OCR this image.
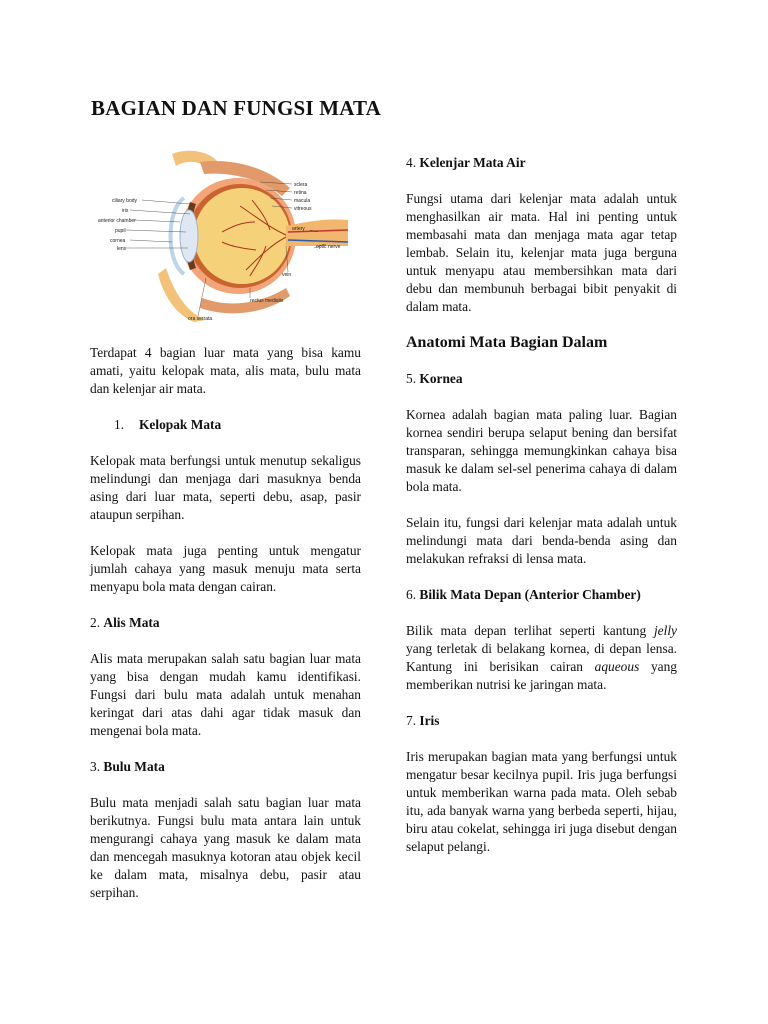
BAGIAN DAN FUNGSI MATA
ciliary body
iris
anterior chamber
pupil
cornea
lens
sclera
retina
macula
vitreous
artery
optic nerve
vein
rectus medialis
ora serrata

Terdapat 4 bagian luar mata yang bisa kamu amati, yaitu kelopak mata, alis mata, bulu mata dan kelenjar air mata.

1. Kelopak Mata

Kelopak mata berfungsi untuk menutup sekaligus melindungi dan menjaga dari masuknya benda asing dari luar mata, seperti debu, asap, pasir ataupun serpihan.

Kelopak mata juga penting untuk mengatur jumlah cahaya yang masuk menuju mata serta menyapu bola mata dengan cairan.

2. Alis Mata

Alis mata merupakan salah satu bagian luar mata yang bisa dengan mudah kamu identifikasi. Fungsi dari bulu mata adalah untuk menahan keringat dari atas dahi agar tidak masuk dan mengenai bola mata.

3. Bulu Mata

Bulu mata menjadi salah satu bagian luar mata berikutnya. Fungsi bulu mata antara lain untuk mengurangi cahaya yang masuk ke dalam mata dan mencegah masuknya kotoran atau objek kecil ke dalam mata, misalnya debu, pasir atau serpihan.

4. Kelenjar Mata Air

Fungsi utama dari kelenjar mata adalah untuk menghasilkan air mata. Hal ini penting untuk membasahi mata dan menjaga mata agar tetap lembab. Selain itu, kelenjar mata juga berguna untuk menyapu atau membersihkan mata dari debu dan membunuh berbagai bibit penyakit di dalam mata.

Anatomi Mata Bagian Dalam
5. Kornea

Kornea adalah bagian mata paling luar. Bagian kornea sendiri berupa selaput bening dan bersifat transparan, sehingga memungkinkan cahaya bisa masuk ke dalam sel-sel penerima cahaya di dalam bola mata.

Selain itu, fungsi dari kelenjar mata adalah untuk melindungi mata dari benda-benda asing dan melakukan refraksi di lensa mata.

6. Bilik Mata Depan (Anterior Chamber)

Bilik mata depan terlihat seperti kantung jelly yang terletak di belakang kornea, di depan lensa. Kantung ini berisikan cairan aqueous yang memberikan nutrisi ke jaringan mata.

7. Iris

Iris merupakan bagian mata yang berfungsi untuk mengatur besar kecilnya pupil. Iris juga berfungsi untuk memberikan warna pada mata. Oleh sebab itu, ada banyak warna yang berbeda seperti, hijau, biru atau cokelat, sehingga iri juga disebut dengan selaput pelangi.
